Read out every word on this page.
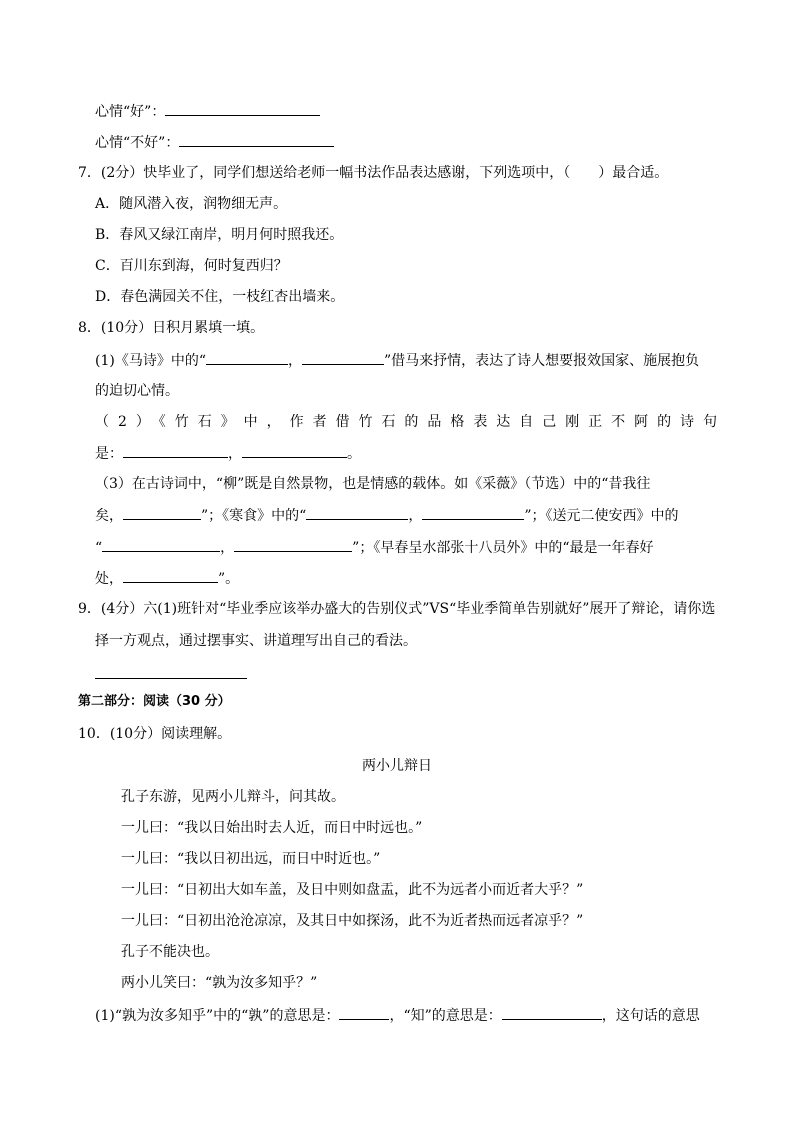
心情“好”：
心情“不好”：
7．(2分）快毕业了，同学们想送给老师一幅书法作品表达感谢，下列选项中，（　　）最合适。
A．随风潜入夜，润物细无声。
B．春风又绿江南岸，明月何时照我还。
C．百川东到海，何时复西归？
D．春色满园关不住，一枝红杏出墙来。
8．(10分）日积月累填一填。
(1)《马诗》中的“	，	”借马来抒情，表达了诗人想要报效国家、施展抱负
的迫切心情。
（2）《竹石》中，作者借竹石的品格表达自己刚正不阿的诗句
是：	，	。
（3）在古诗词中，“柳”既是自然景物，也是情感的载体。如《采薇》（节选）中的“昔我往
矣，	”；《寒食》中的“	，	”；《送元二使安西》中的
“	，	”；《早春呈水部张十八员外》中的“最是一年春好
处，	”。
9．(4分）六(1)班针对“毕业季应该举办盛大的告别仪式”VS“毕业季简单告别就好”展开了辩论，请你选
择一方观点，通过摆事实、讲道理写出自己的看法。
第二部分：阅读（30 分）
10．(10分）阅读理解。
两小儿辩日
孔子东游，见两小儿辩斗，问其故。
一儿曰：“我以日始出时去人近，而日中时远也。”
一儿曰：“我以日初出远，而日中时近也。”
一儿曰：“日初出大如车盖，及日中则如盘盂，此不为远者小而近者大乎？”
一儿曰：“日初出沧沧凉凉，及其日中如探汤，此不为近者热而远者凉乎？”
孔子不能决也。
两小儿笑曰：“孰为汝多知乎？”
(1)“孰为汝多知乎”中的“孰”的意思是：	，“知”的意思是：	，这句话的意思
